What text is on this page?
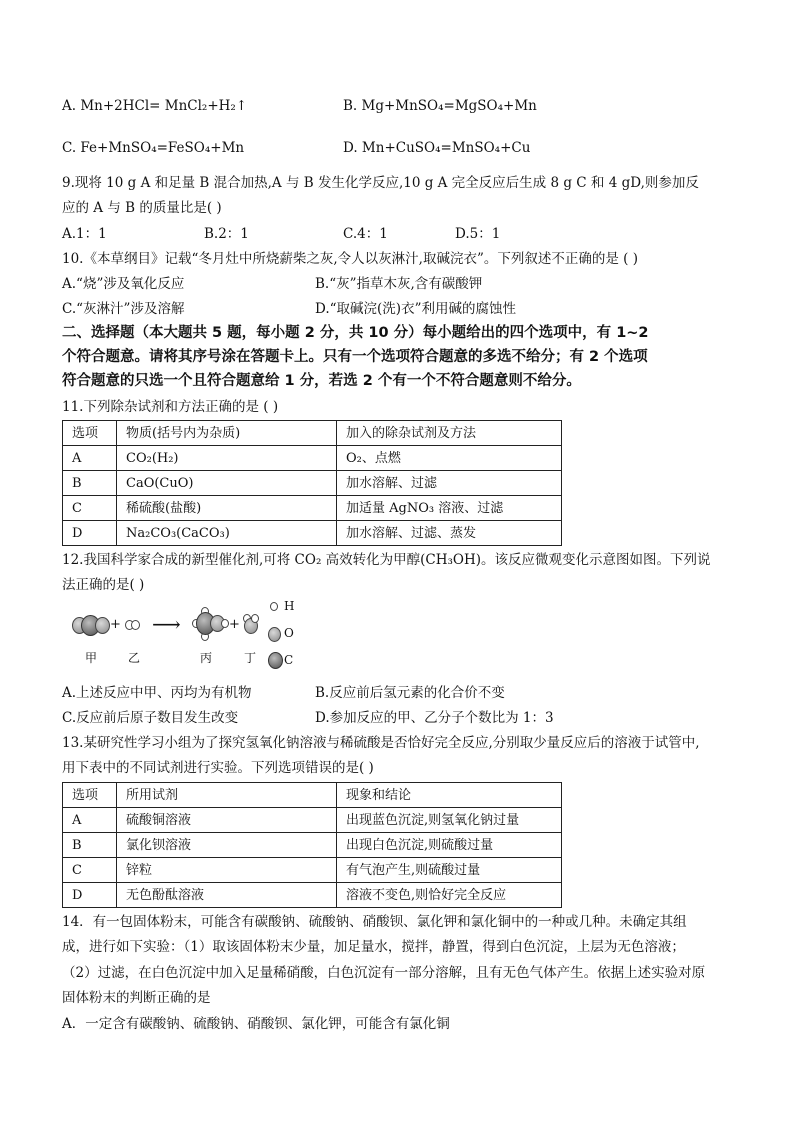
A. Mn+2HCl= MnCl₂+H₂↑	B. Mg+MnSO₄=MgSO₄+Mn
C. Fe+MnSO₄=FeSO₄+Mn	D. Mn+CuSO₄=MnSO₄+Cu
9.现将 10 g A 和足量 B 混合加热,A 与 B 发生化学反应,10 g A 完全反应后生成 8 g C 和 4 gD,则参加反
应的 A 与 B 的质量比是( )
A.1：1	B.2：1	C.4：1	D.5：1
10.《本草纲目》记载“冬月灶中所烧薪柴之灰,令人以灰淋汁,取碱浣衣”。下列叙述不正确的是 ( )
A.“烧”涉及氧化反应	B.“灰”指草木灰,含有碳酸钾
C.“灰淋汁”涉及溶解	D.“取碱浣(洗)衣”利用碱的腐蚀性
二、选择题（本大题共 5 题，每小题 2 分，共 10 分）每小题给出的四个选项中，有 1~2
个符合题意。请将其序号涂在答题卡上。只有一个选项符合题意的多选不给分；有 2 个选项
符合题意的只选一个且符合题意给 1 分，若选 2 个有一个不符合题意则不给分。
11.下列除杂试剂和方法正确的是 ( )
选项	物质(括号内为杂质)	加入的除杂试剂及方法
A	CO₂(H₂)	O₂、点燃
B	CaO(CuO)	加水溶解、过滤
C	稀硫酸(盐酸)	加适量 AgNO₃ 溶液、过滤
D	Na₂CO₃(CaCO₃)	加水溶解、过滤、蒸发
12.我国科学家合成的新型催化剂,可将 CO₂ 高效转化为甲醇(CH₃OH)。该反应微观变化示意图如图。下列说
法正确的是( )
+ ⟶	+
甲	乙	丙	丁
H
O
C
A.上述反应中甲、丙均为有机物	B.反应前后氢元素的化合价不变
C.反应前后原子数目发生改变	D.参加反应的甲、乙分子个数比为 1：3
13.某研究性学习小组为了探究氢氧化钠溶液与稀硫酸是否恰好完全反应,分别取少量反应后的溶液于试管中,
用下表中的不同试剂进行实验。下列选项错误的是( )
选项	所用试剂	现象和结论
A	硫酸铜溶液	出现蓝色沉淀,则氢氧化钠过量
B	氯化钡溶液	出现白色沉淀,则硫酸过量
C	锌粒	有气泡产生,则硫酸过量
D	无色酚酞溶液	溶液不变色,则恰好完全反应
14．有一包固体粉末，可能含有碳酸钠、硫酸钠、硝酸钡、氯化钾和氯化铜中的一种或几种。未确定其组
成，进行如下实验：（1）取该固体粉末少量，加足量水，搅拌，静置，得到白色沉淀，上层为无色溶液；
（2）过滤，在白色沉淀中加入足量稀硝酸，白色沉淀有一部分溶解，且有无色气体产生。依据上述实验对原
固体粉末的判断正确的是
A．一定含有碳酸钠、硫酸钠、硝酸钡、氯化钾，可能含有氯化铜
